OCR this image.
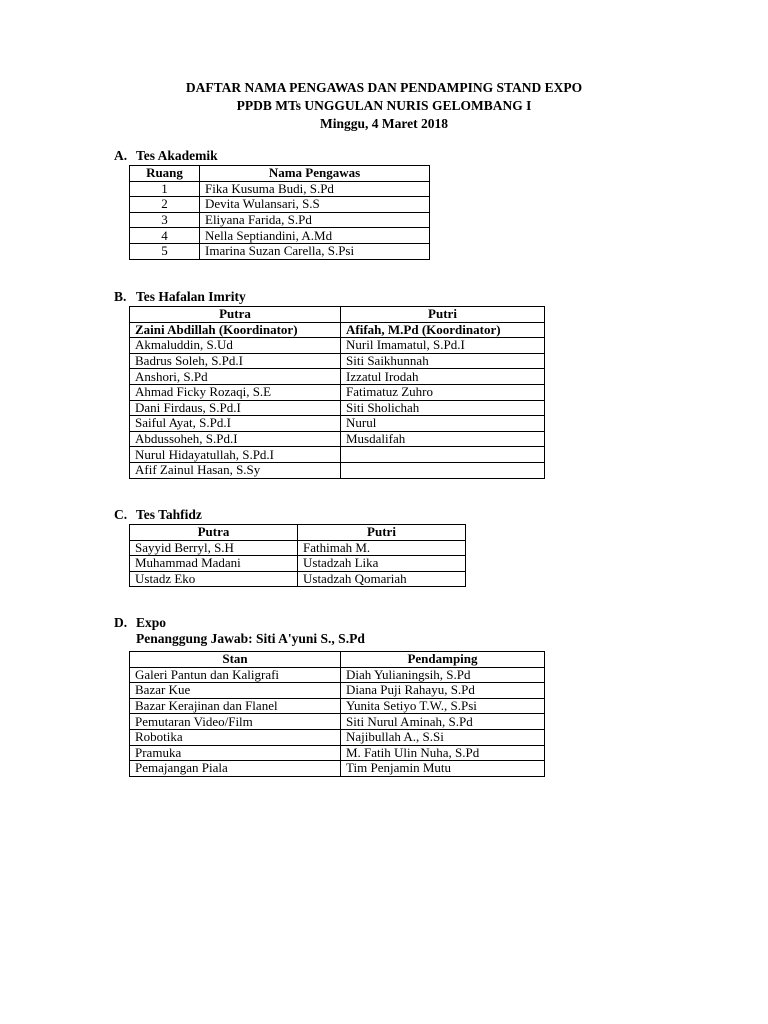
DAFTAR NAMA PENGAWAS DAN PENDAMPING STAND EXPO
PPDB MTs UNGGULAN NURIS GELOMBANG I
Minggu, 4 Maret 2018
A. Tes Akademik
Ruang	Nama Pengawas
1	Fika Kusuma Budi, S.Pd
2	Devita Wulansari, S.S
3	Eliyana Farida, S.Pd
4	Nella Septiandini, A.Md
5	Imarina Suzan Carella, S.Psi
B. Tes Hafalan Imrity
Putra	Putri
Zaini Abdillah (Koordinator)	Afifah, M.Pd (Koordinator)
Akmaluddin, S.Ud	Nuril Imamatul, S.Pd.I
Badrus Soleh, S.Pd.I	Siti Saikhunnah
Anshori, S.Pd	Izzatul Irodah
Ahmad Ficky Rozaqi, S.E	Fatimatuz Zuhro
Dani Firdaus, S.Pd.I	Siti Sholichah
Saiful Ayat, S.Pd.I	Nurul
Abdussoheh, S.Pd.I	Musdalifah
Nurul Hidayatullah, S.Pd.I	
Afif Zainul Hasan, S.Sy	
C. Tes Tahfidz
Putra	Putri
Sayyid Berryl, S.H	Fathimah M.
Muhammad Madani	Ustadzah Lika
Ustadz Eko	Ustadzah Qomariah
D. Expo
Penanggung Jawab: Siti A'yuni S., S.Pd
Stan	Pendamping
Galeri Pantun dan Kaligrafi	Diah Yulianingsih, S.Pd
Bazar Kue	Diana Puji Rahayu, S.Pd
Bazar Kerajinan dan Flanel	Yunita Setiyo T.W., S.Psi
Pemutaran Video/Film	Siti Nurul Aminah, S.Pd
Robotika	Najibullah A., S.Si
Pramuka	M. Fatih Ulin Nuha, S.Pd
Pemajangan Piala	Tim Penjamin Mutu
